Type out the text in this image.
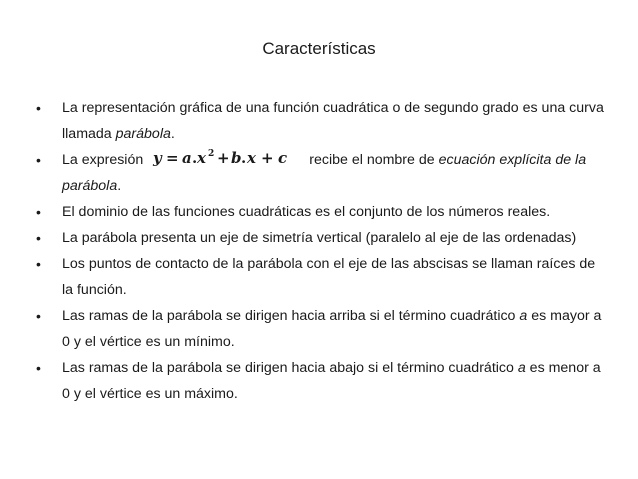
Características
• La representación gráfica de una función cuadrática o de segundo grado es una curva llamada parábola.
• La expresión y = a . x 2 + b . x + c recibe el nombre de ecuación explícita de la parábola.
• El dominio de las funciones cuadráticas es el conjunto de los números reales.
• La parábola presenta un eje de simetría vertical (paralelo al eje de las ordenadas)
• Los puntos de contacto de la parábola con el eje de las abscisas se llaman raíces de la función.
• Las ramas de la parábola se dirigen hacia arriba si el término cuadrático a es mayor a 0 y el vértice es un mínimo.
• Las ramas de la parábola se dirigen hacia abajo si el término cuadrático a es menor a 0 y el vértice es un máximo.
